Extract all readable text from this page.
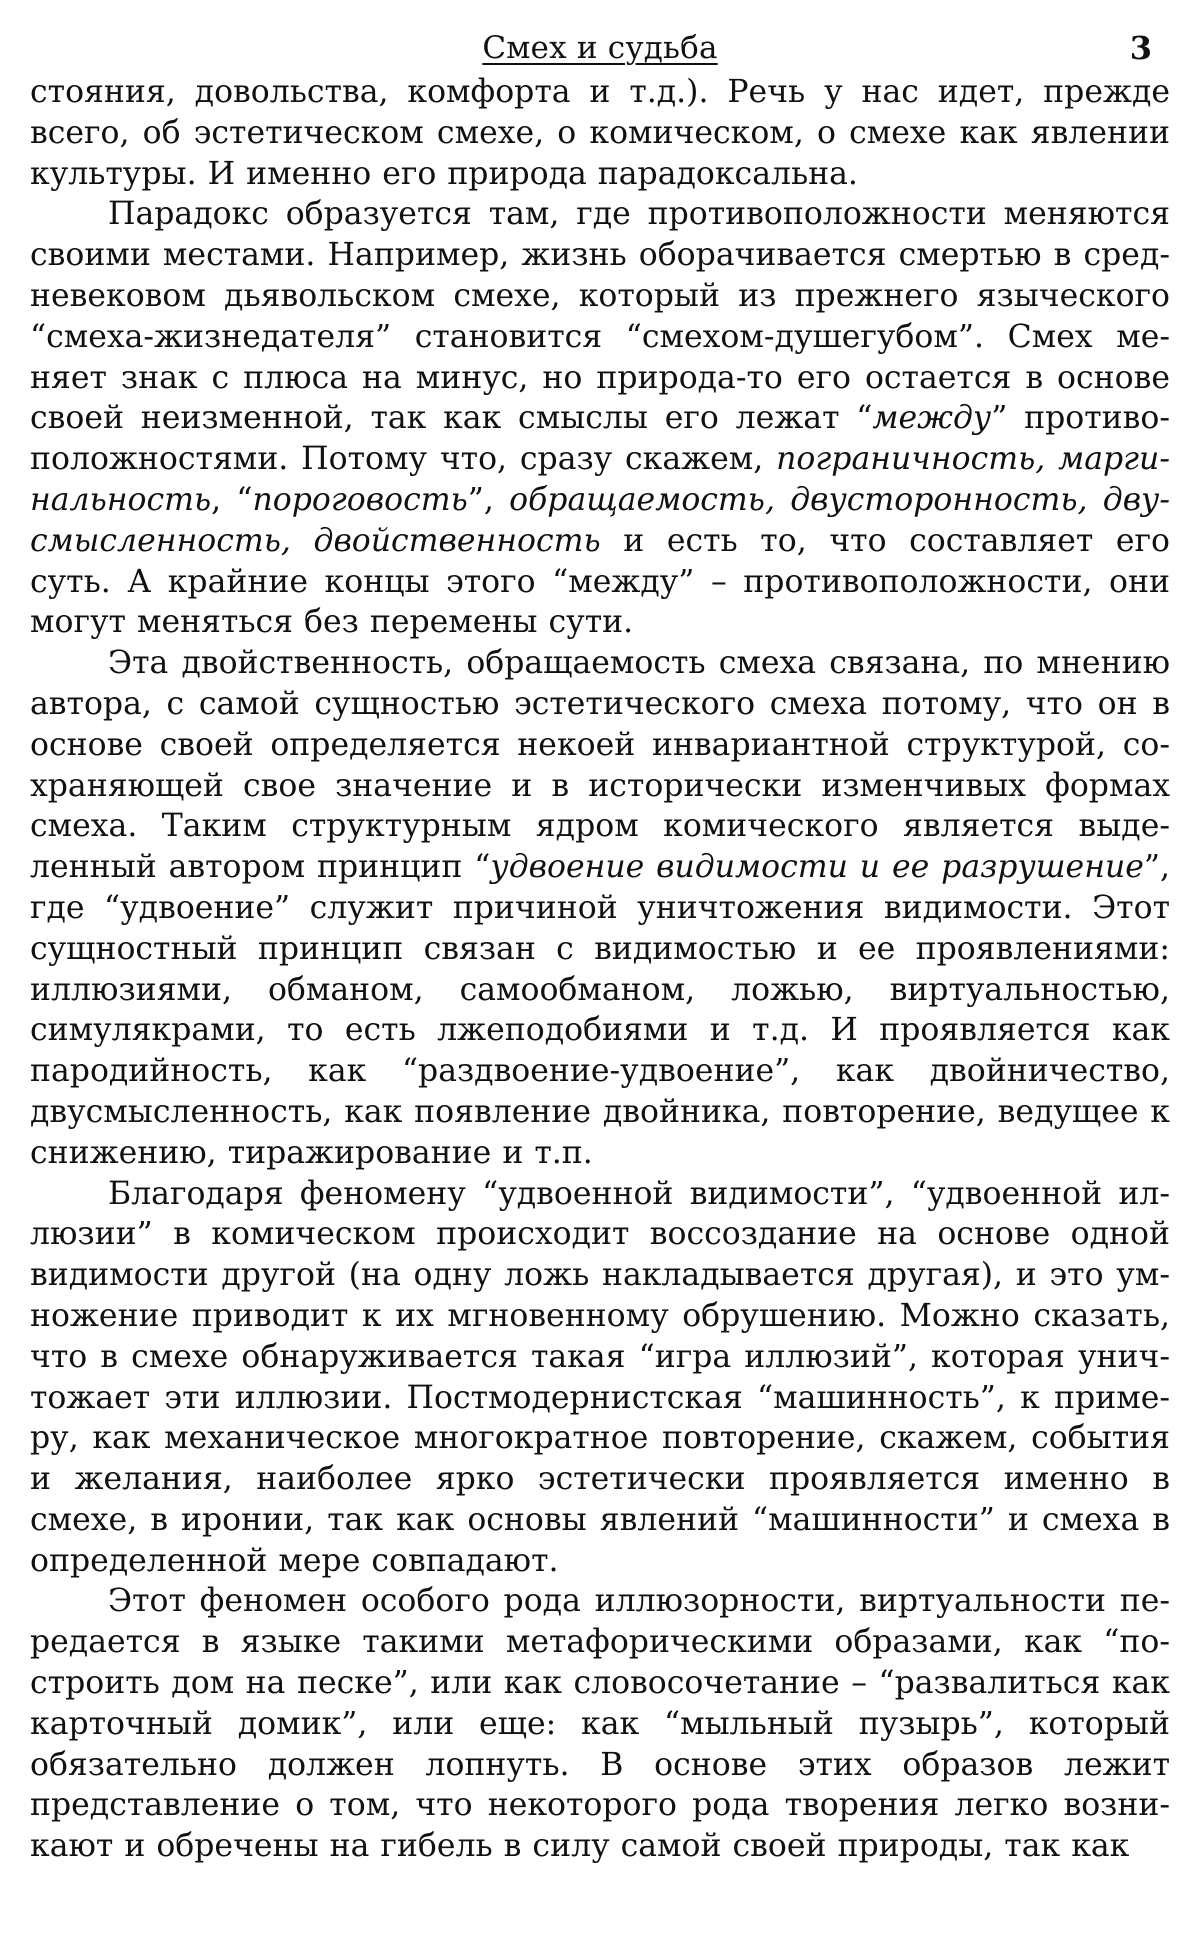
Смех и судьба	3

стояния, довольства, комфорта и т.д.). Речь у нас идет, прежде всего, об эстетическом смехе, о комическом, о смехе как явлении культуры. И именно его природа парадоксальна.

Парадокс образуется там, где противоположности меняются своими местами. Например, жизнь оборачивается смертью в средневековом дьявольском смехе, который из прежнего языческого “смеха-жизнедателя” становится “смехом-душегубом”. Смех меняет знак с плюса на минус, но природа-то его остается в основе своей неизменной, так как смыслы его лежат “между” противоположностями. Потому что, сразу скажем, пограничность, маргинальность, “пороговость”, обращаемость, двусторонность, двусмысленность, двойственность и есть то, что составляет его суть. А крайние концы этого “между” – противоположности, они могут меняться без перемены сути.

Эта двойственность, обращаемость смеха связана, по мнению автора, с самой сущностью эстетического смеха потому, что он в основе своей определяется некоей инвариантной структурой, сохраняющей свое значение и в исторически изменчивых формах смеха. Таким структурным ядром комического является выделенный автором принцип “удвоение видимости и ее разрушение”, где “удвоение” служит причиной уничтожения видимости. Этот сущностный принцип связан с видимостью и ее проявлениями: иллюзиями, обманом, самообманом, ложью, виртуальностью, симулякрами, то есть лжеподобиями и т.д. И проявляется как пародийность, как “раздвоение-удвоение”, как двойничество, двусмысленность, как появление двойника, повторение, ведущее к снижению, тиражирование и т.п.

Благодаря феномену “удвоенной видимости”, “удвоенной иллюзии” в комическом происходит воссоздание на основе одной видимости другой (на одну ложь накладывается другая), и это умножение приводит к их мгновенному обрушению. Можно сказать, что в смехе обнаруживается такая “игра иллюзий”, которая уничтожает эти иллюзии. Постмодернистская “машинность”, к примеру, как механическое многократное повторение, скажем, события и желания, наиболее ярко эстетически проявляется именно в смехе, в иронии, так как основы явлений “машинности” и смеха в определенной мере совпадают.

Этот феномен особого рода иллюзорности, виртуальности передается в языке такими метафорическими образами, как “построить дом на песке”, или как словосочетание – “развалиться как карточный домик”, или еще: как “мыльный пузырь”, который обязательно должен лопнуть. В основе этих образов лежит представление о том, что некоторого рода творения легко возникают и обречены на гибель в силу самой своей природы, так как
